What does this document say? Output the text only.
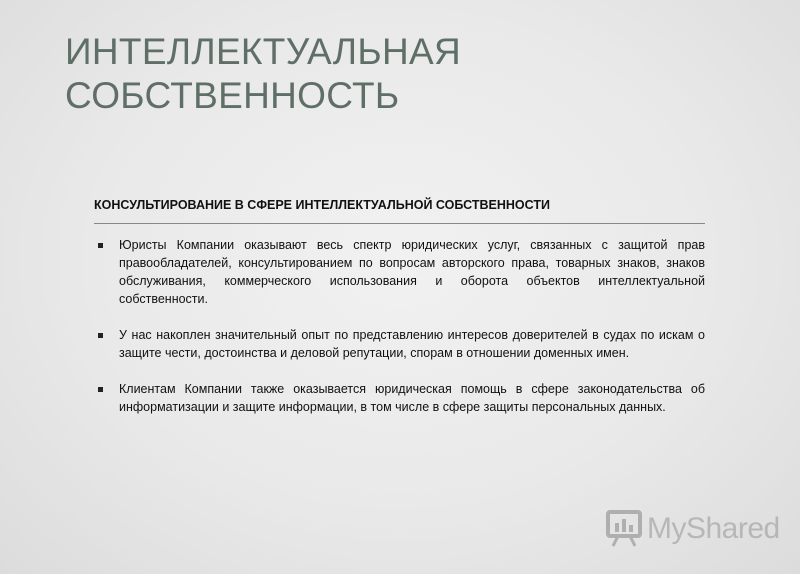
ИНТЕЛЛЕКТУАЛЬНАЯ
СОБСТВЕННОСТЬ
КОНСУЛЬТИРОВАНИЕ В СФЕРЕ ИНТЕЛЛЕКТУАЛЬНОЙ СОБСТВЕННОСТИ
Юристы Компании оказывают весь спектр юридических услуг, связанных с защитой прав правообладателей, консультированием по вопросам авторского права, товарных знаков, знаков обслуживания, коммерческого использования и оборота объектов интеллектуальной собственности.
У нас накоплен значительный опыт по представлению интересов доверителей в судах по искам о защите чести, достоинства и деловой репутации, спорам в отношении доменных имен.
Клиентам Компании также оказывается юридическая помощь в сфере законодательства об информатизации и защите информации, в том числе в сфере защиты персональных данных.
MyShared
